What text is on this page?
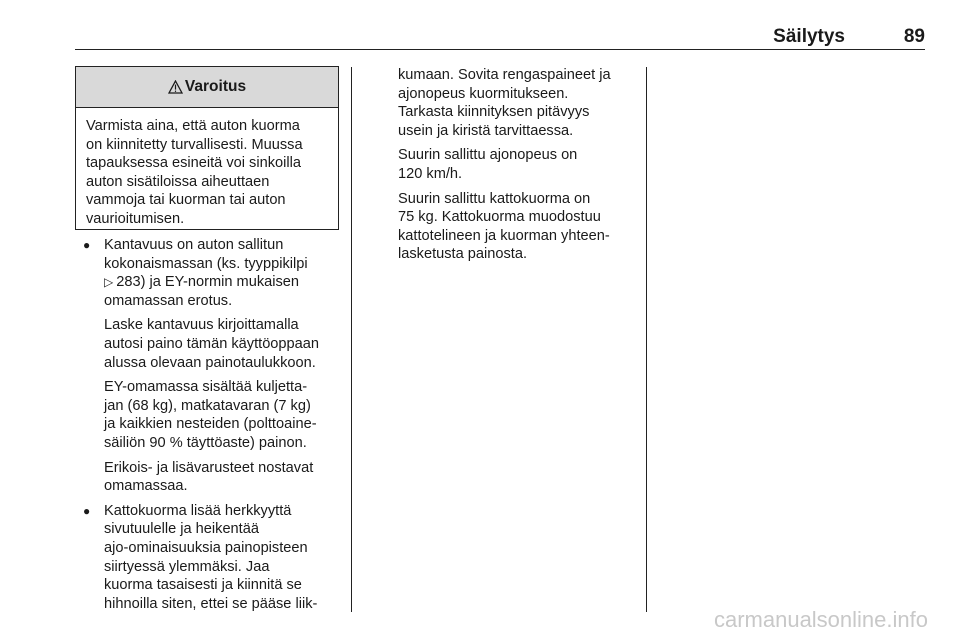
Säilytys	89
Varoitus
Varmista aina, että auton kuorma
on kiinnitetty turvallisesti. Muussa
tapauksessa esineitä voi sinkoilla
auton sisätiloissa aiheuttaen
vammoja tai kuorman tai auton
vaurioitumisen.
● Kantavuus on auton sallitun
kokonaismassan (ks. tyyppikilpi
▷ 283) ja EY-normin mukaisen
omamassan erotus.
Laske kantavuus kirjoittamalla
autosi paino tämän käyttöoppaan
alussa olevaan painotaulukkoon.
EY-omamassa sisältää kuljetta-
jan (68 kg), matkatavaran (7 kg)
ja kaikkien nesteiden (polttoaine-
säiliön 90 % täyttöaste) painon.
Erikois- ja lisävarusteet nostavat
omamassaa.
● Kattokuorma lisää herkkyyttä
sivutuulelle ja heikentää
ajo-ominaisuuksia painopisteen
siirtyessä ylemmäksi. Jaa
kuorma tasaisesti ja kiinnitä se
hihnoilla siten, ettei se pääse liik-
kumaan. Sovita rengaspaineet ja
ajonopeus kuormitukseen.
Tarkasta kiinnityksen pitävyys
usein ja kiristä tarvittaessa.
Suurin sallittu ajonopeus on
120 km/h.
Suurin sallittu kattokuorma on
75 kg. Kattokuorma muodostuu
kattotelineen ja kuorman yhteen-
lasketusta painosta.
carmanualsonline.info
